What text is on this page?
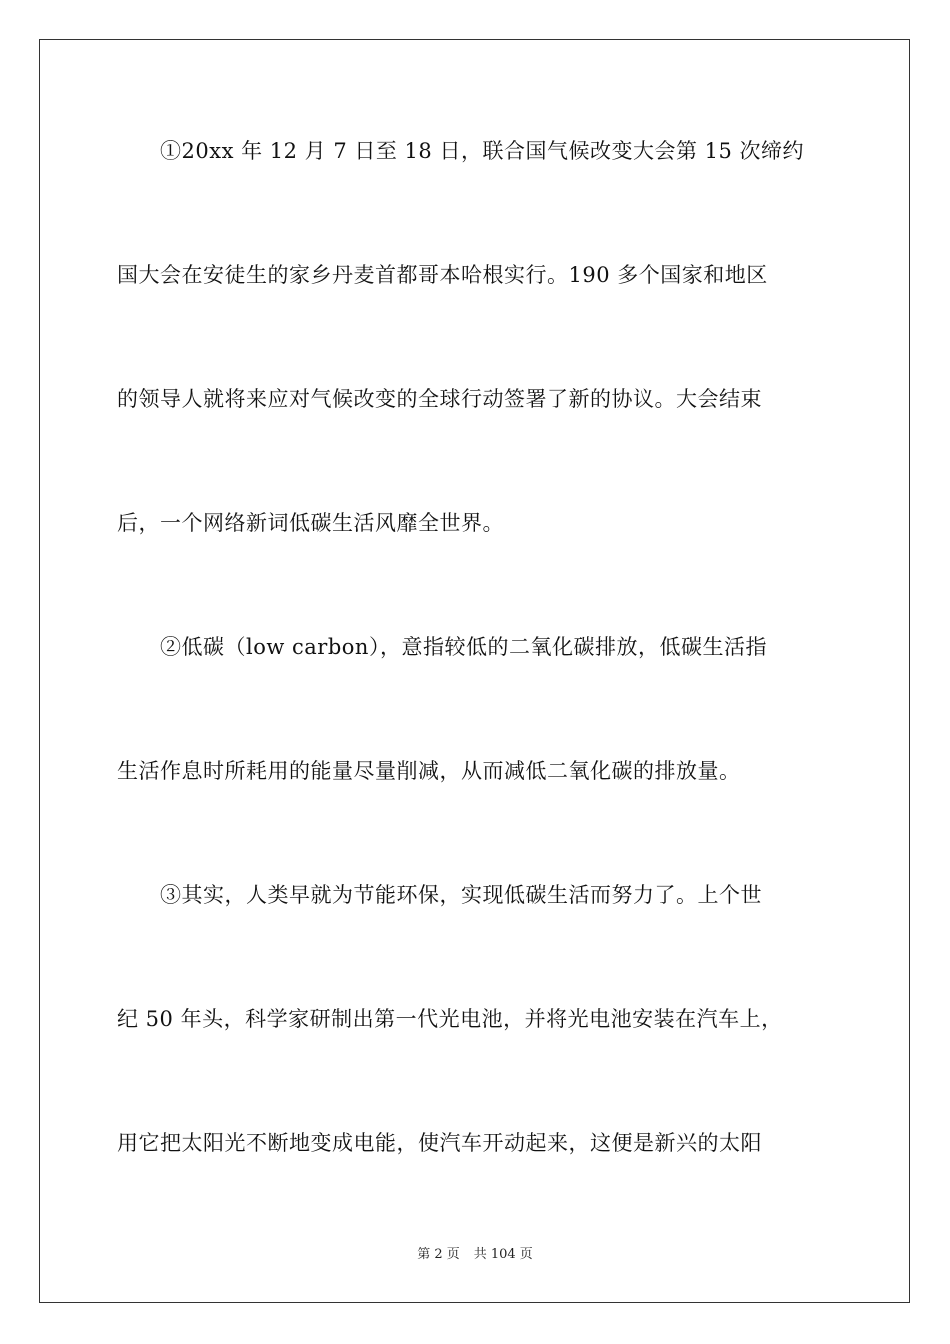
　　①20xx 年 12 月 7 日至 18 日，联合国气候改变大会第 15 次缔约
国大会在安徒生的家乡丹麦首都哥本哈根实行。190 多个国家和地区
的领导人就将来应对气候改变的全球行动签署了新的协议。大会结束
后，一个网络新词低碳生活风靡全世界。
　　②低碳（low carbon），意指较低的二氧化碳排放，低碳生活指
生活作息时所耗用的能量尽量削减，从而减低二氧化碳的排放量。
　　③其实，人类早就为节能环保，实现低碳生活而努力了。上个世
纪 50 年头，科学家研制出第一代光电池，并将光电池安装在汽车上，
用它把太阳光不断地变成电能，使汽车开动起来，这便是新兴的太阳
第 2 页 共 104 页
